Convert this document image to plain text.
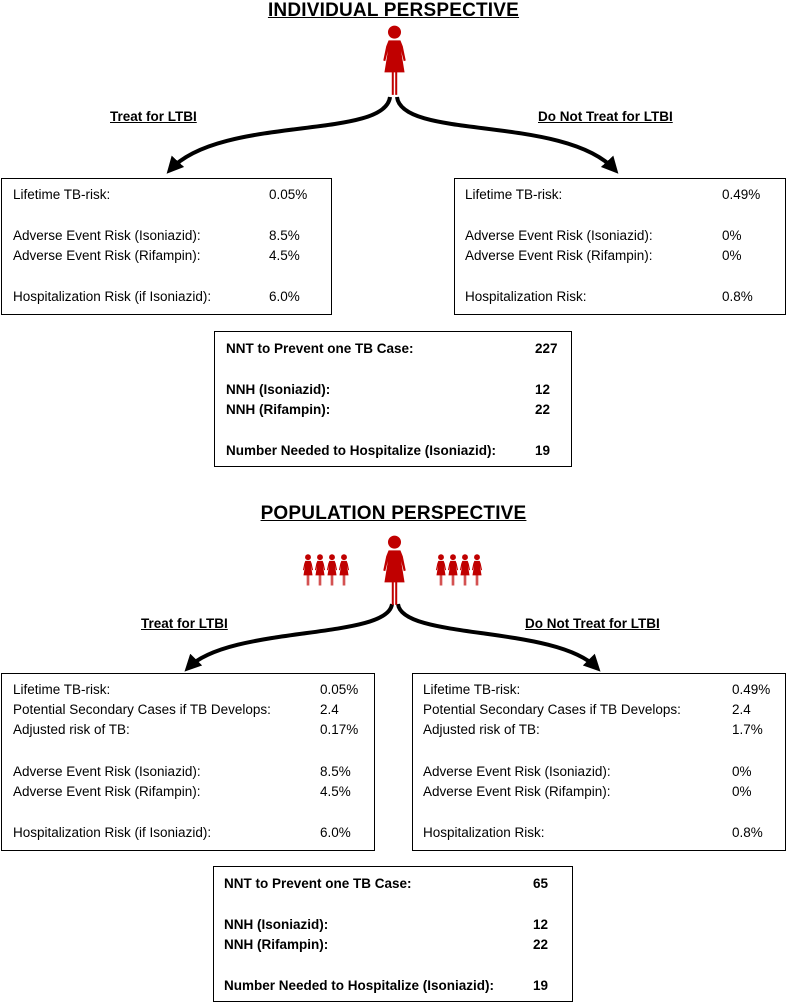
INDIVIDUAL PERSPECTIVE
Treat for LTBI	Do Not Treat for LTBI
Lifetime TB-risk:	0.05%
Adverse Event Risk (Isoniazid):	8.5%
Adverse Event Risk (Rifampin):	4.5%
Hospitalization Risk (if Isoniazid):	6.0%
Lifetime TB-risk:	0.49%
Adverse Event Risk (Isoniazid):	0%
Adverse Event Risk (Rifampin):	0%
Hospitalization Risk:	0.8%
NNT to Prevent one TB Case:	227
NNH (Isoniazid):	12
NNH (Rifampin):	22
Number Needed to Hospitalize (Isoniazid):	19
POPULATION PERSPECTIVE
Treat for LTBI	Do Not Treat for LTBI
Lifetime TB-risk:	0.05%
Potential Secondary Cases if TB Develops:	2.4
Adjusted risk of TB:	0.17%
Adverse Event Risk (Isoniazid):	8.5%
Adverse Event Risk (Rifampin):	4.5%
Hospitalization Risk (if Isoniazid):	6.0%
Lifetime TB-risk:	0.49%
Potential Secondary Cases if TB Develops:	2.4
Adjusted risk of TB:	1.7%
Adverse Event Risk (Isoniazid):	0%
Adverse Event Risk (Rifampin):	0%
Hospitalization Risk:	0.8%
NNT to Prevent one TB Case:	65
NNH (Isoniazid):	12
NNH (Rifampin):	22
Number Needed to Hospitalize (Isoniazid):	19
